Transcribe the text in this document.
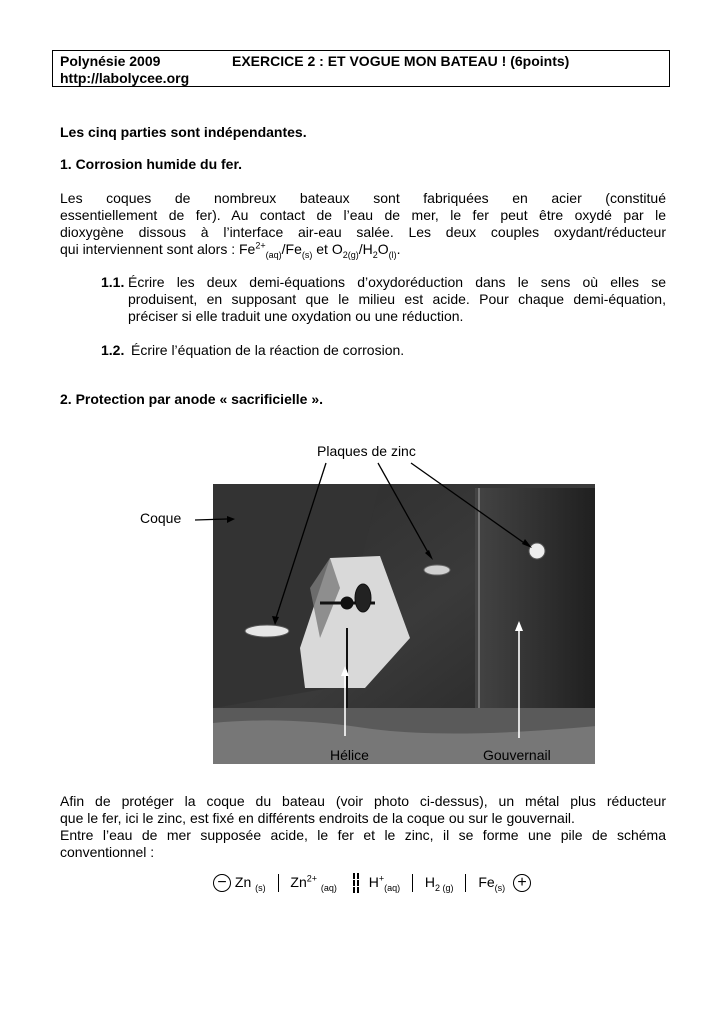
Polynésie 2009	EXERCICE 2 : ET VOGUE MON BATEAU ! (6points)
http://labolycee.org
Les cinq parties sont indépendantes.
1. Corrosion humide du fer.
Les coques de nombreux bateaux sont fabriquées en acier (constitué
essentiellement de fer). Au contact de l’eau de mer, le fer peut être oxydé par le
dioxygène dissous à l’interface air-eau salée. Les deux couples oxydant/réducteur
qui interviennent sont alors : $Fe^{2+}_{(aq)}/Fe_{(s)}$ et $O_{2(g)}/H_2O_{(l)}$.
1.1. Écrire les deux demi-équations d’oxydoréduction dans le sens où elles se
produisent, en supposant que le milieu est acide. Pour chaque demi-équation,
préciser si elle traduit une oxydation ou une réduction.
1.2. Écrire l’équation de la réaction de corrosion.
2. Protection par anode « sacrificielle ».
Plaques de zinc
Coque
Hélice	Gouvernail
Afin de protéger la coque du bateau (voir photo ci-dessus), un métal plus réducteur
que le fer, ici le zinc, est fixé en différents endroits de la coque ou sur le gouvernail.
Entre l’eau de mer supposée acide, le fer et le zinc, il se forme une pile de schéma
conventionnel :
− Zn $_{(s)}$ $Zn^{2+}$ $_{(aq)}$ $H^+_{(aq)}$ $H_{2 (g)}$ $Fe_{(s)}$ +
